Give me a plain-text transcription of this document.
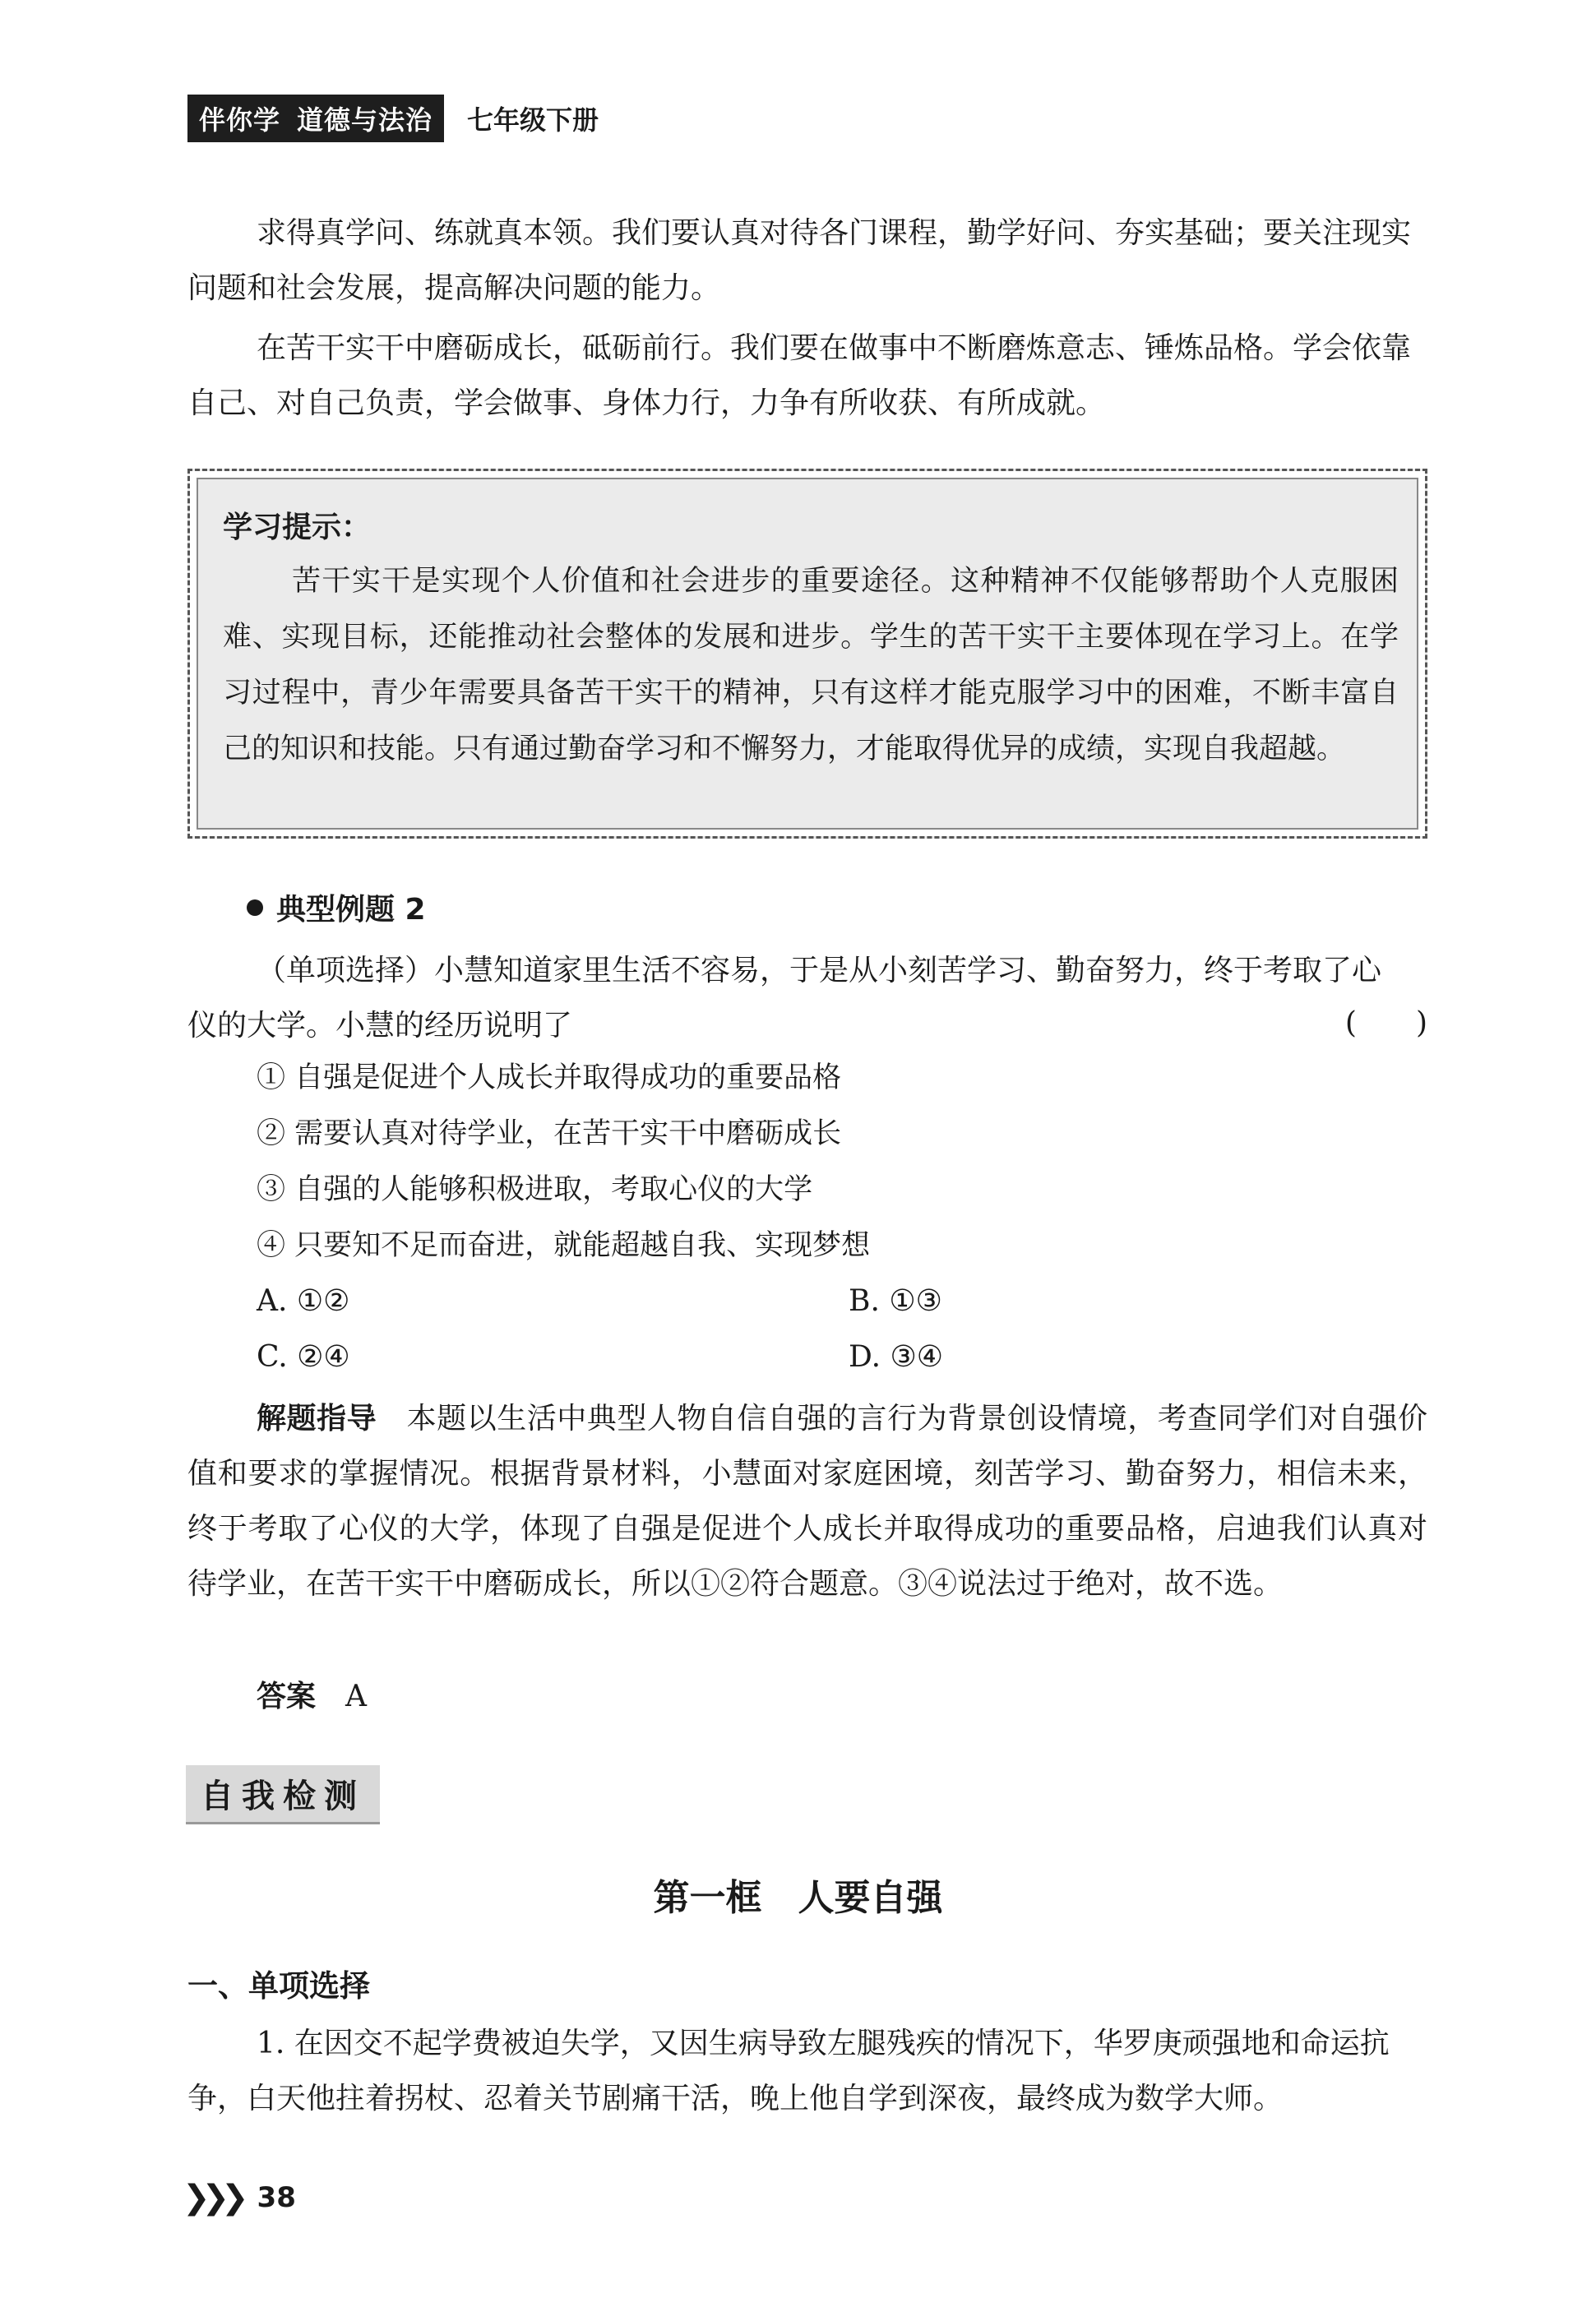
伴你学 道德与法治 七年级下册
求得真学问、练就真本领。我们要认真对待各门课程，勤学好问、夯实基础；要关注现实问题和社会发展，提高解决问题的能力。
在苦干实干中磨砺成长，砥砺前行。我们要在做事中不断磨炼意志、锤炼品格。学会依靠自己、对自己负责，学会做事、身体力行，力争有所收获、有所成就。
学习提示：
苦干实干是实现个人价值和社会进步的重要途径。这种精神不仅能够帮助个人克服困难、实现目标，还能推动社会整体的发展和进步。学生的苦干实干主要体现在学习上。在学习过程中，青少年需要具备苦干实干的精神，只有这样才能克服学习中的困难，不断丰富自己的知识和技能。只有通过勤奋学习和不懈努力，才能取得优异的成绩，实现自我超越。
典型例题 2
（单项选择）小慧知道家里生活不容易，于是从小刻苦学习、勤奋努力，终于考取了心仪的大学。小慧的经历说明了	(　　)
① 自强是促进个人成长并取得成功的重要品格
② 需要认真对待学业，在苦干实干中磨砺成长
③ 自强的人能够积极进取，考取心仪的大学
④ 只要知不足而奋进，就能超越自我、实现梦想
A. ①②	B. ①③
C. ②④	D. ③④
解题指导　 本题以生活中典型人物自信自强的言行为背景创设情境，考查同学们对自强价值和要求的掌握情况。根据背景材料，小慧面对家庭困境，刻苦学习、勤奋努力，相信未来，终于考取了心仪的大学，体现了自强是促进个人成长并取得成功的重要品格，启迪我们认真对待学业，在苦干实干中磨砺成长，所以①②符合题意。③④说法过于绝对，故不选。
答案　 A
自我检测
第一框　人要自强
一、单项选择
1. 在因交不起学费被迫失学，又因生病导致左腿残疾的情况下，华罗庚顽强地和命运抗争，白天他拄着拐杖、忍着关节剧痛干活，晚上他自学到深夜，最终成为数学大师。
❯❯❯ 38
